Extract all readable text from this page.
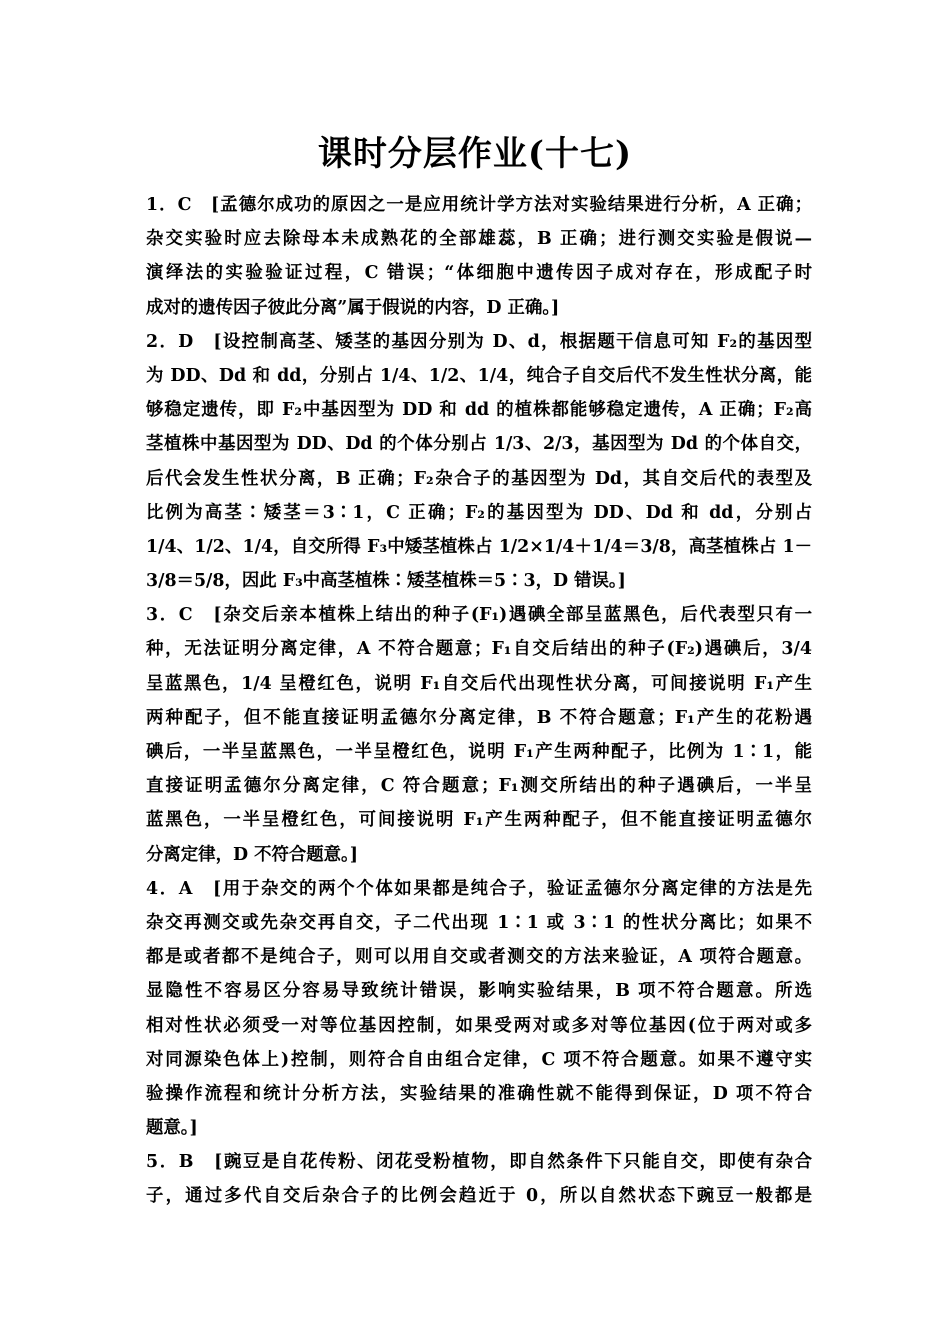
课时分层作业(十七)
1．C　[孟德尔成功的原因之一是应用统计学方法对实验结果进行分析，A 正确；
杂交实验时应去除母本未成熟花的全部雄蕊，B 正确；进行测交实验是假说—
演绎法的实验验证过程，C 错误；“体细胞中遗传因子成对存在，形成配子时
成对的遗传因子彼此分离”属于假说的内容，D 正确。]
2．D　[设控制高茎、矮茎的基因分别为 D、d，根据题干信息可知 F₂的基因型
为 DD、Dd 和 dd，分别占 1/4、1/2、1/4，纯合子自交后代不发生性状分离，能
够稳定遗传，即 F₂中基因型为 DD 和 dd 的植株都能够稳定遗传，A 正确；F₂高
茎植株中基因型为 DD、Dd 的个体分别占 1/3、2/3，基因型为 Dd 的个体自交，
后代会发生性状分离，B 正确；F₂杂合子的基因型为 Dd，其自交后代的表型及
比例为高茎∶矮茎＝3∶1，C 正确；F₂的基因型为 DD、Dd 和 dd，分别占
1/4、1/2、1/4，自交所得 F₃中矮茎植株占 1/2×1/4＋1/4＝3/8，高茎植株占 1－
3/8＝5/8，因此 F₃中高茎植株∶矮茎植株＝5∶3，D 错误。]
3．C　[杂交后亲本植株上结出的种子(F₁)遇碘全部呈蓝黑色，后代表型只有一
种，无法证明分离定律，A 不符合题意；F₁自交后结出的种子(F₂)遇碘后，3/4
呈蓝黑色，1/4 呈橙红色，说明 F₁自交后代出现性状分离，可间接说明 F₁产生
两种配子，但不能直接证明孟德尔分离定律，B 不符合题意；F₁产生的花粉遇
碘后，一半呈蓝黑色，一半呈橙红色，说明 F₁产生两种配子，比例为 1∶1，能
直接证明孟德尔分离定律，C 符合题意；F₁测交所结出的种子遇碘后，一半呈
蓝黑色，一半呈橙红色，可间接说明 F₁产生两种配子，但不能直接证明孟德尔
分离定律，D 不符合题意。]
4．A　[用于杂交的两个个体如果都是纯合子，验证孟德尔分离定律的方法是先
杂交再测交或先杂交再自交，子二代出现 1∶1 或 3∶1 的性状分离比；如果不
都是或者都不是纯合子，则可以用自交或者测交的方法来验证，A 项符合题意。
显隐性不容易区分容易导致统计错误，影响实验结果，B 项不符合题意。所选
相对性状必须受一对等位基因控制，如果受两对或多对等位基因(位于两对或多
对同源染色体上)控制，则符合自由组合定律，C 项不符合题意。如果不遵守实
验操作流程和统计分析方法，实验结果的准确性就不能得到保证，D 项不符合
题意。]
5．B　[豌豆是自花传粉、闭花受粉植物，即自然条件下只能自交，即使有杂合
子，通过多代自交后杂合子的比例会趋近于 0，所以自然状态下豌豆一般都是
